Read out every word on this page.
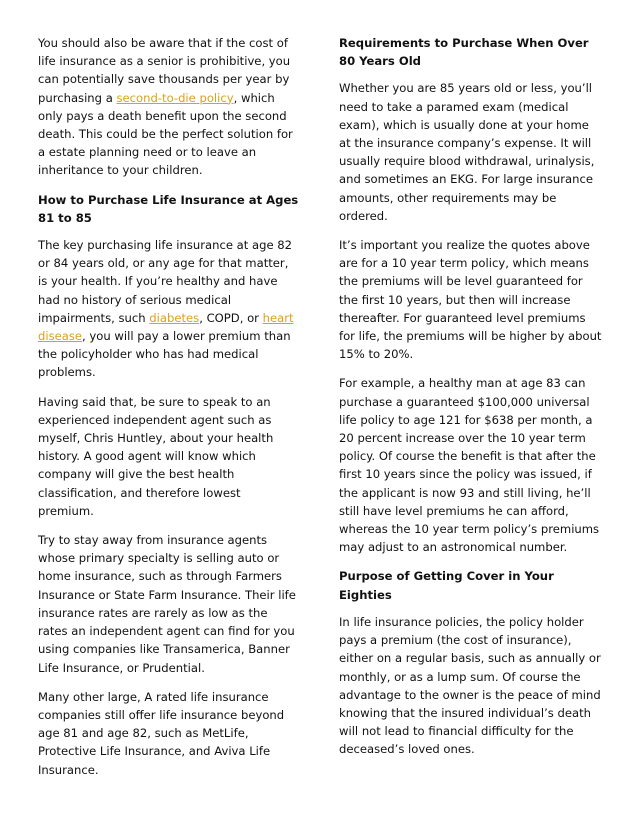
You should also be aware that if the cost of life insurance as a senior is prohibitive, you can potentially save thousands per year by purchasing a second-to-die policy, which only pays a death benefit upon the second death. This could be the perfect solution for a estate planning need or to leave an inheritance to your children.

How to Purchase Life Insurance at Ages 81 to 85

The key purchasing life insurance at age 82 or 84 years old, or any age for that matter, is your health. If you’re healthy and have had no history of serious medical impairments, such diabetes, COPD, or heart disease, you will pay a lower premium than the policyholder who has had medical problems.

Having said that, be sure to speak to an experienced independent agent such as myself, Chris Huntley, about your health history. A good agent will know which company will give the best health classification, and therefore lowest premium.

Try to stay away from insurance agents whose primary specialty is selling auto or home insurance, such as through Farmers Insurance or State Farm Insurance. Their life insurance rates are rarely as low as the rates an independent agent can find for you using companies like Transamerica, Banner Life Insurance, or Prudential.

Many other large, A rated life insurance companies still offer life insurance beyond age 81 and age 82, such as MetLife, Protective Life Insurance, and Aviva Life Insurance.

Requirements to Purchase When Over 80 Years Old

Whether you are 85 years old or less, you’ll need to take a paramed exam (medical exam), which is usually done at your home at the insurance company’s expense. It will usually require blood withdrawal, urinalysis, and sometimes an EKG. For large insurance amounts, other requirements may be ordered.

It’s important you realize the quotes above are for a 10 year term policy, which means the premiums will be level guaranteed for the first 10 years, but then will increase thereafter. For guaranteed level premiums for life, the premiums will be higher by about 15% to 20%.

For example, a healthy man at age 83 can purchase a guaranteed $100,000 universal life policy to age 121 for $638 per month, a 20 percent increase over the 10 year term policy. Of course the benefit is that after the first 10 years since the policy was issued, if the applicant is now 93 and still living, he’ll still have level premiums he can afford, whereas the 10 year term policy’s premiums may adjust to an astronomical number.

Purpose of Getting Cover in Your Eighties

In life insurance policies, the policy holder pays a premium (the cost of insurance), either on a regular basis, such as annually or monthly, or as a lump sum. Of course the advantage to the owner is the peace of mind knowing that the insured individual’s death will not lead to financial difficulty for the deceased’s loved ones.
